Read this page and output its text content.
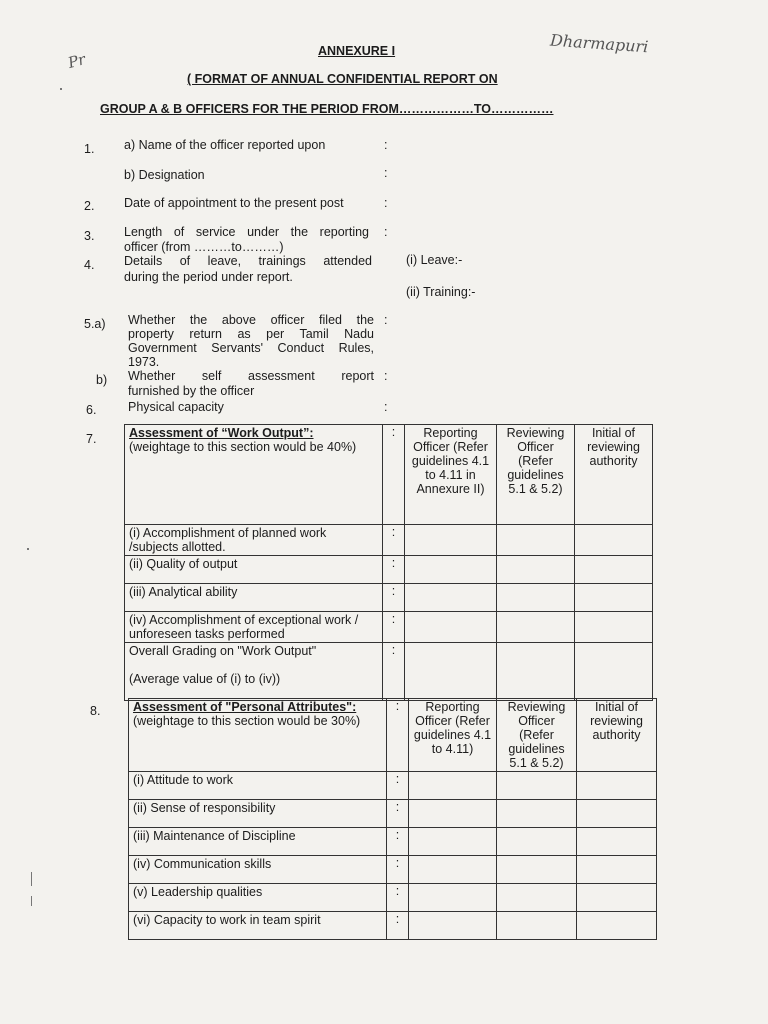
Pr	ANNEXURE I	Dharmapuri
( FORMAT OF ANNUAL CONFIDENTIAL REPORT ON
GROUP A & B OFFICERS FOR THE PERIOD FROM………………TO……………
1. a) Name of the officer reported upon	:
b) Designation	:
2. Date of appointment to the present post	:
3. Length of service under the reporting :
officer (from ………to………)
4. Details of leave, trainings attended
during the period under report.
(i) Leave:-
(ii) Training:-
5.a) Whether the above officer filed the :
property return as per Tamil Nadu
Government Servants' Conduct Rules,
1973.
b) Whether self assessment report :
furnished by the officer
6.	Physical capacity	:
7.	Assessment of “Work Output”:
(weightage to this section would be 40%)	:	Reporting Officer (Refer guidelines 4.1 to 4.11 in Annexure II)	Reviewing Officer (Refer guidelines 5.1 & 5.2)	Initial of reviewing authority
(i) Accomplishment of planned work /subjects allotted.	:			
(ii) Quality of output	:			
(iii) Analytical ability	:			
(iv) Accomplishment of exceptional work / unforeseen tasks performed	:			

Overall Grading on "Work Output"
(Average value of (i) to (iv))	:			
8.	Assessment of "Personal Attributes": (weightage to this section would be 30%)	:	Reporting Officer (Refer guidelines 4.1 to 4.11)	Reviewing Officer (Refer guidelines 5.1 & 5.2)	Initial of reviewing authority
(i) Attitude to work	:			
(ii) Sense of responsibility	:			
(iii) Maintenance of Discipline	:			
(iv) Communication skills	:			
(v) Leadership qualities	:			
(vi) Capacity to work in team spirit	:			
